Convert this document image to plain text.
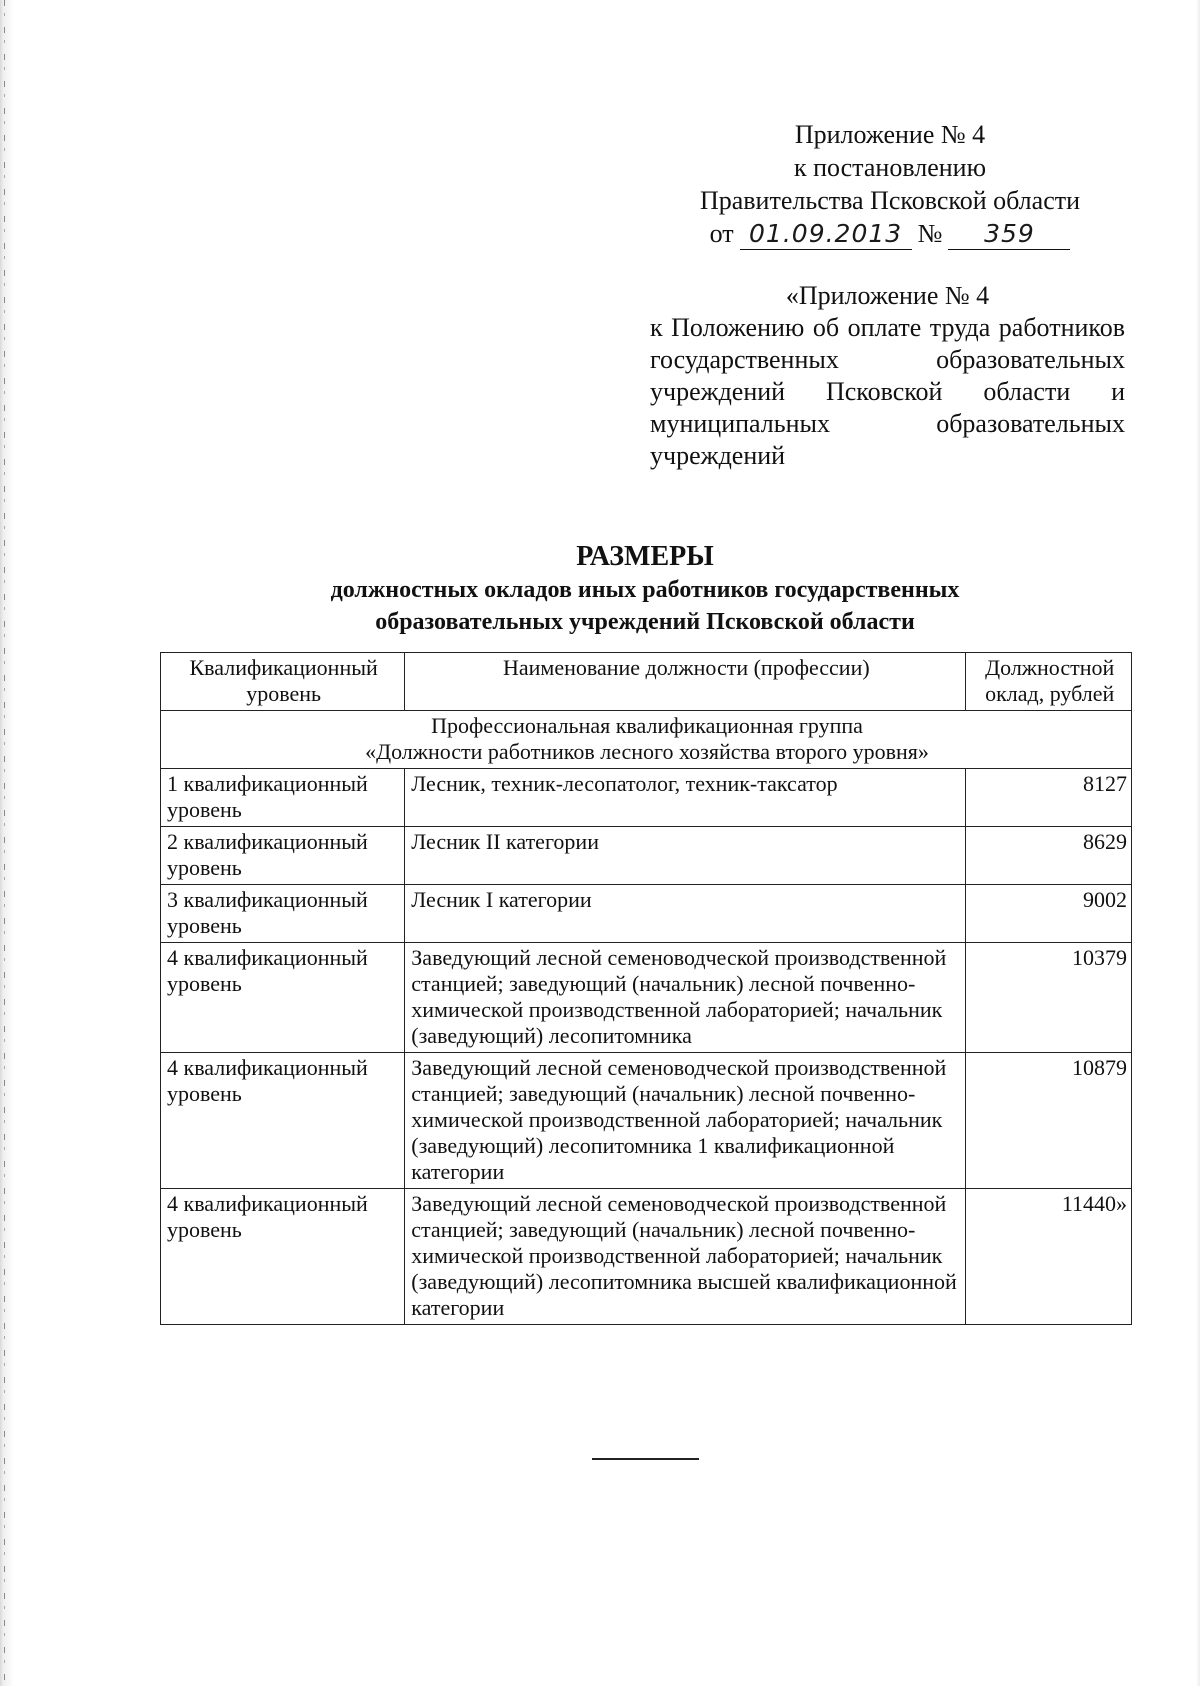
Приложение № 4
к постановлению
Правительства Псковской области
от 01.09.2013 №	359
«Приложение № 4
к Положению об оплате труда работников государственных образовательных учреждений Псковской области и муниципальных образовательных учреждений
РАЗМЕРЫ
должностных окладов иных работников государственных
образовательных учреждений Псковской области
Квалификационный уровень	Наименование должности (профессии)	Должностной оклад, рублей

Профессиональная квалификационная группа
«Должности работников лесного хозяйства второго уровня»		

1 квалификационный уровень	Лесник, техник-лесопатолог, техник-таксатор	8127
2 квалификационный уровень	Лесник II категории	8629
3 квалификационный уровень	Лесник I категории	9002
4 квалификационный уровень	Заведующий лесной семеноводческой производственной станцией; заведующий (начальник) лесной почвенно-химической производственной лабораторией; начальник (заведующий) лесопитомника	10379
4 квалификационный уровень	Заведующий лесной семеноводческой производственной станцией; заведующий (начальник) лесной почвенно-химической производственной лабораторией; начальник (заведующий) лесопитомника 1 квалификационной категории	10879
4 квалификационный уровень	Заведующий лесной семеноводческой производственной станцией; заведующий (начальник) лесной почвенно-химической производственной лабораторией; начальник (заведующий) лесопитомника высшей квалификационной категории	11440»
